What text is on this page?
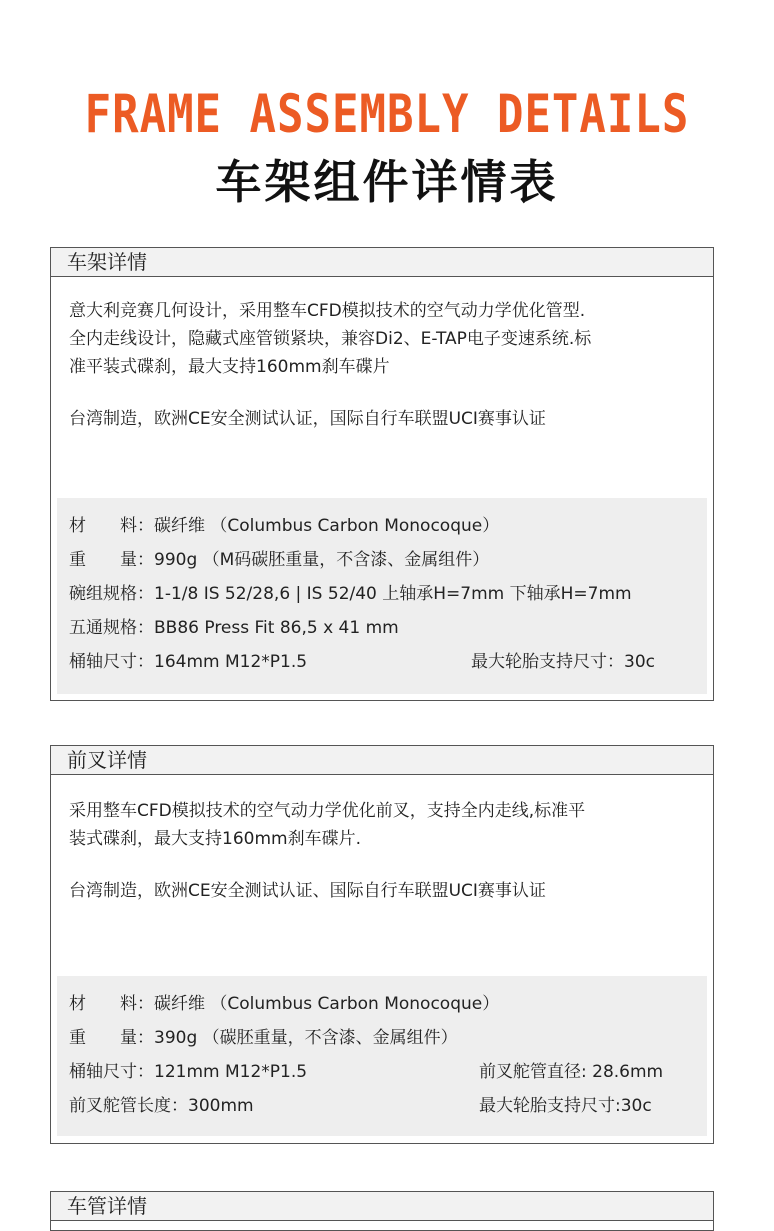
FRAME ASSEMBLY DETAILS
车架组件详情表
车架详情
意大利竞赛几何设计，采用整车CFD模拟技术的空气动力学优化管型.
全内走线设计，隐藏式座管锁紧块，兼容Di2、E-TAP电子变速系统.标
准平装式碟刹，最大支持160mm刹车碟片
台湾制造，欧洲CE安全测试认证，国际自行车联盟UCI赛事认证
材　　料：碳纤维 （Columbus Carbon Monocoque）
重　　量：990g （M码碳胚重量，不含漆、金属组件）
碗组规格：1-1/8 IS 52/28,6 | IS 52/40 上轴承H=7mm 下轴承H=7mm
五通规格：BB86 Press Fit 86,5 x 41 mm
桶轴尺寸：164mm M12*P1.5	最大轮胎支持尺寸：30c
前叉详情
采用整车CFD模拟技术的空气动力学优化前叉，支持全内走线,标准平
装式碟刹，最大支持160mm刹车碟片.
台湾制造，欧洲CE安全测试认证、国际自行车联盟UCI赛事认证
材　　料：碳纤维 （Columbus Carbon Monocoque）
重　　量：390g （碳胚重量，不含漆、金属组件）
桶轴尺寸：121mm M12*P1.5	前叉舵管直径: 28.6mm
前叉舵管长度：300mm	最大轮胎支持尺寸:30c
车管详情
